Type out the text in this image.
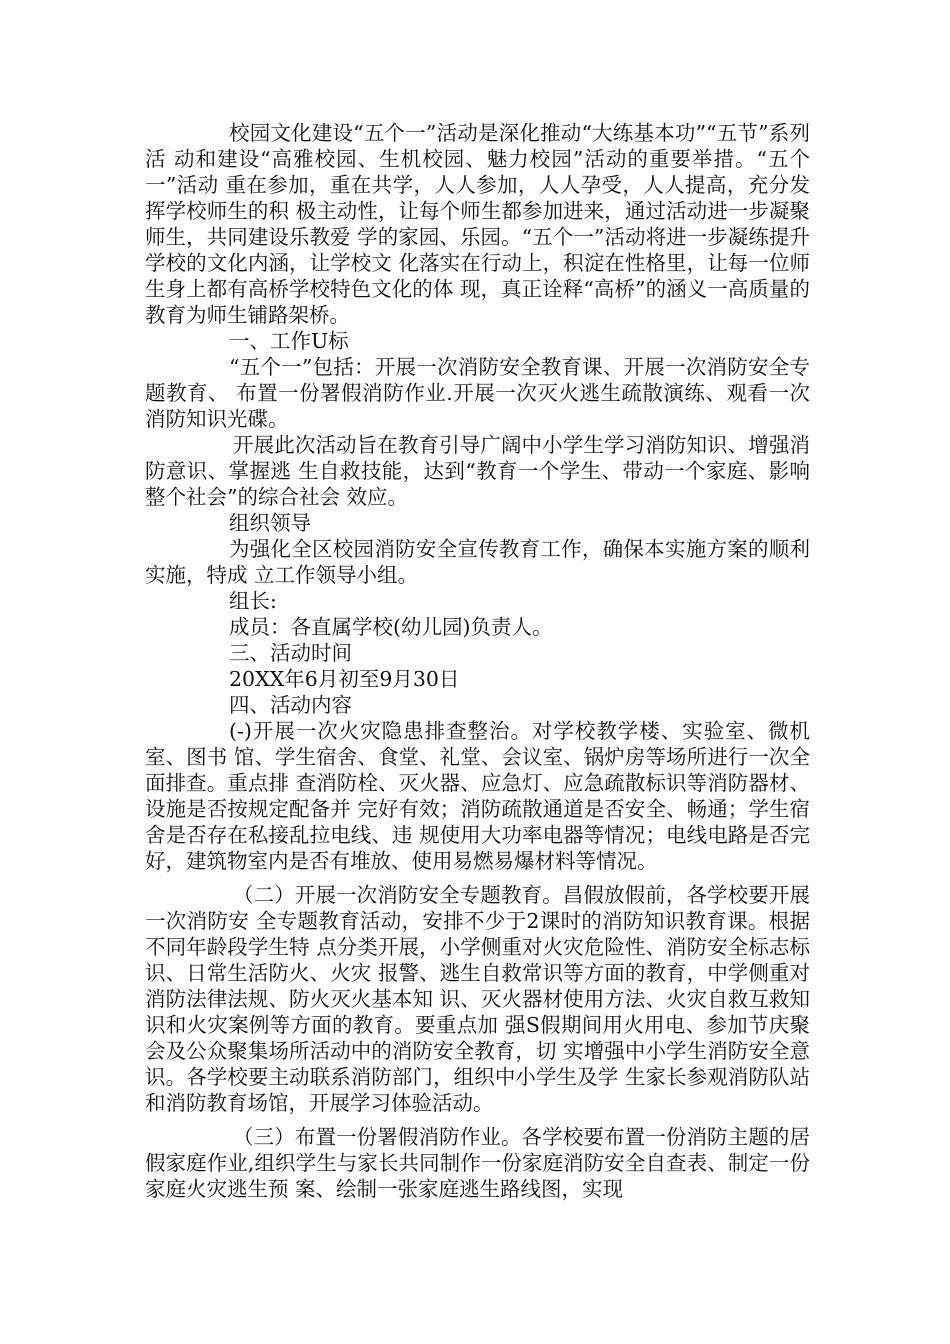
校园文化建设“五个一”活动是深化推动“大练基本功”“五节”系列活 动和建设“高雅校园、生机校园、魅力校园”活动的重要举措。“五个一”活动 重在参加，重在共学，人人参加，人人孕受，人人提高，充分发挥学校师生的积 极主动性，让每个师生都参加进来，通过活动进一步凝聚师生，共同建设乐教爱 学的家园、乐园。“五个一”活动将进一步凝练提升学校的文化内涵，让学校文 化落实在行动上，积淀在性格里，让每一位师生身上都有高桥学校特色文化的体 现，真正诠释“高桥”的涵义一高质量的教育为师生铺路架桥。

一、工作U标

“五个一”包括：开展一次消防安全教育课、开展一次消防安全专题教育、 布置一份署假消防作业.开展一次灭火逃生疏散演练、观看一次消防知识光碟。

开展此次活动旨在教育引导广阔中小学生学习消防知识、增强消防意识、掌握逃 生自救技能，达到“教育一个学生、带动一个家庭、影响整个社会”的综合社会 效应。

组织领导

为强化全区校园消防安全宣传教育工作，确保本实施方案的顺利实施，特成 立工作领导小组。

组长:

成员：各直属学校(幼儿园)负责人。

三、活动时间

20XX年6月初至9月30日

四、活动内容

(-)开展一次火灾隐患排查整治。对学校教学楼、实验室、微机室、图书 馆、学生宿舍、食堂、礼堂、会议室、锅炉房等场所进行一次全面排查。重点排 查消防栓、灭火器、应急灯、应急疏散标识等消防器材、设施是否按规定配备并 完好有效；消防疏散通道是否安全、畅通；学生宿舍是否存在私接乱拉电线、违 规使用大功率电器等情况；电线电路是否完好，建筑物室内是否有堆放、使用易燃易爆材料等情况。

（二）开展一次消防安全专题教育。昌假放假前，各学校要开展一次消防安 全专题教育活动，安排不少于2课时的消防知识教育课。根据不同年龄段学生特 点分类开展，小学侧重对火灾危险性、消防安全标志标识、日常生活防火、火灾 报警、逃生自救常识等方面的教育，中学侧重对消防法律法规、防火灭火基本知 识、灭火器材使用方法、火灾自救互救知识和火灾案例等方面的教育。要重点加 强S假期间用火用电、参加节庆聚会及公众聚集场所活动中的消防安全教育，切 实增强中小学生消防安全意识。各学校要主动联系消防部门，组织中小学生及学 生家长参观消防队站和消防教育场馆，开展学习体验活动。

（三）布置一份署假消防作业。各学校要布置一份消防主题的居假家庭作业,组织学生与家长共同制作一份家庭消防安全自查表、制定一份家庭火灾逃生预 案、绘制一张家庭逃生路线图，实现
